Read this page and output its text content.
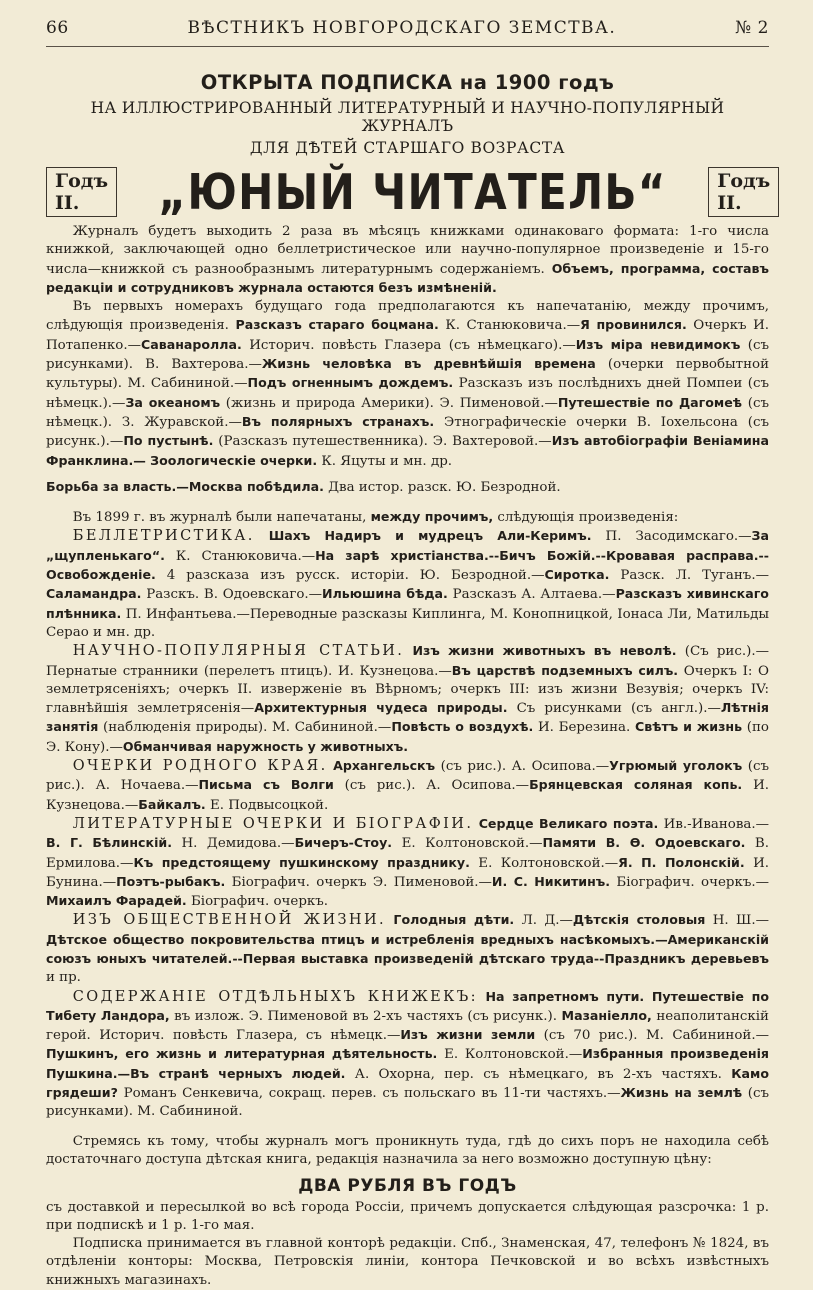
66	ВѢСТНИКЪ НОВГОРОДСКАГО ЗЕМСТВА.	№ 2
ОТКРЫТА ПОДПИСКА на 1900 годъ
НА ИЛЛЮСТРИРОВАННЫЙ ЛИТЕРАТУРНЫЙ И НАУЧНО-ПОПУЛЯРНЫЙ ЖУРНАЛЪ
ДЛЯ ДѢТЕЙ СТАРШАГО ВОЗРАСТА
Годъ II.	„ЮНЫЙ ЧИТАТЕЛЬ“	Годъ II.

Журналъ будетъ выходить 2 раза въ мѣсяцъ книжками одинаковаго формата: 1-го числа книжкой, заключающей одно беллетристическое или научно-популярное произведеніе и 15-го числа—книжкой съ разнообразнымъ литературнымъ содержаніемъ. Объемъ, программа, составъ редакціи и сотрудниковъ журнала остаются безъ измѣненій.

Въ первыхъ номерахъ будущаго года предполагаются къ напечатанію, между прочимъ, слѣдующія произведенія. Разсказъ стараго боцмана. К. Станюковича.—Я провинился. Очеркъ И. Потапенко.—Саванаролла. Историч. повѣсть Глазера (съ нѣмецкаго).—Изъ міра невидимокъ (съ рисунками). В. Вахтерова.—Жизнь человѣка въ древнѣйшія времена (очерки первобытной культуры). М. Сабининой.—Подъ огненнымъ дождемъ. Разсказъ изъ послѣднихъ дней Помпеи (съ нѣмецк.).—За океаномъ (жизнь и природа Америки). Э. Пименовой.—Путешествіе по Дагомеѣ (съ нѣмецк.). З. Журавской.—Въ полярныхъ странахъ. Этнографическіе очерки В. Іохельсона (съ рисунк.).—По пустынѣ. (Разсказъ путешественника). Э. Вахтеровой.—Изъ автобіографіи Веніамина Франклина.— Зоологическіе очерки. К. Яцуты и мн. др.

Борьба за власть.—Москва побѣдила. Два истор. разск. Ю. Безродной.

Въ 1899 г. въ журналѣ были напечатаны, между прочимъ, слѣдующія произведенія:

БЕЛЛЕТРИСТИКА. Шахъ Надиръ и мудрецъ Али-Керимъ. П. Засодимскаго.—За „щупленькаго“. К. Станюковича.—На зарѣ христіанства.--Бичъ Божій.--Кровавая расправа.--Освобожденіе. 4 разсказа изъ русск. исторіи. Ю. Безродной.—Сиротка. Разск. Л. Туганъ.—Саламандра. Разскъ. В. Одоевскаго.—Ильюшина бѣда. Разсказъ А. Алтаева.—Разсказъ хивинскаго плѣнника. П. Инфантьева.—Переводные разсказы Киплинга, М. Конопницкой, Іонаса Ли, Матильды Серао и мн. др.

НАУЧНО-ПОПУЛЯРНЫЯ СТАТЬИ. Изъ жизни животныхъ въ неволѣ. (Съ рис.).—Пернатые странники (перелетъ птицъ). И. Кузнецова.—Въ царствѣ подземныхъ силъ. Очеркъ I: О землетрясеніяхъ; очеркъ II. изверженіе въ Вѣрномъ; очеркъ III: изъ жизни Везувія; очеркъ IV: главнѣйшія землетрясенія—Архитектурныя чудеса природы. Съ рисунками (съ англ.).—Лѣтнія занятія (наблюденія природы). М. Сабининой.—Повѣсть о воздухѣ. И. Березина. Свѣтъ и жизнь (по Э. Кону).—Обманчивая наружность у животныхъ.

ОЧЕРКИ РОДНОГО КРАЯ. Архангельскъ (съ рис.). А. Осипова.—Угрюмый уголокъ (съ рис.). А. Ночаева.—Письма съ Волги (съ рис.). А. Осипова.—Брянцевская соляная копь. И. Кузнецова.—Байкалъ. Е. Подвысоцкой.

ЛИТЕРАТУРНЫЕ ОЧЕРКИ И БІОГРАФІИ. Сердце Великаго поэта. Ив.-Иванова.—В. Г. Бѣлинскій. Н. Демидова.—Бичеръ-Стоу. Е. Колтоновской.—Памяти В. Ѳ. Одоевскаго. В. Ермилова.—Къ предстоящему пушкинскому празднику. Е. Колтоновской.—Я. П. Полонскій. И. Бунина.—Поэтъ-рыбакъ. Біографич. очеркъ Э. Пименовой.—И. С. Никитинъ. Біографич. очеркъ.—Михаилъ Фарадей. Біографич. очеркъ.

ИЗЪ ОБЩЕСТВЕННОЙ ЖИЗНИ. Голодныя дѣти. Л. Д.—Дѣтскія столовыя Н. Ш.—Дѣтское общество покровительства птицъ и истребленія вредныхъ насѣкомыхъ.—Американскій союзъ юныхъ читателей.--Первая выставка произведеній дѣтскаго труда--Праздникъ деревьевъ и пр.

СОДЕРЖАНІЕ ОТДѢЛЬНЫХЪ КНИЖЕКЪ: На запретномъ пути. Путешествіе по Тибету Ландора, въ излож. Э. Пименовой въ 2-хъ частяхъ (съ рисунк.). Мазаніелло, неаполитанскій герой. Историч. повѣсть Глазера, съ нѣмецк.—Изъ жизни земли (съ 70 рис.). М. Сабининой.—Пушкинъ, его жизнь и литературная дѣятельность. Е. Колтоновской.—Избранныя произведенія Пушкина.—Въ странѣ черныхъ людей. А. Охорна, пер. съ нѣмецкаго, въ 2-хъ частяхъ. Камо грядеши? Романъ Сенкевича, сокращ. перев. съ польскаго въ 11-ти частяхъ.—Жизнь на землѣ (съ рисунками). М. Сабининой.

Стремясь къ тому, чтобы журналъ могъ проникнуть туда, гдѣ до сихъ поръ не находила себѣ достаточнаго доступа дѣтская книга, редакція назначила за него возможно доступную цѣну:

ДВА РУБЛЯ ВЪ ГОДЪ

съ доставкой и пересылкой во всѣ города Россіи, причемъ допускается слѣдующая разсрочка: 1 р. при подпискѣ и 1 р. 1-го мая.

Подписка принимается въ главной конторѣ редакціи. Спб., Знаменская, 47, телефонъ № 1824, въ отдѣленіи конторы: Москва, Петровскія линіи, контора Печковской и во всѣхъ извѣстныхъ книжныхъ магазинахъ.
